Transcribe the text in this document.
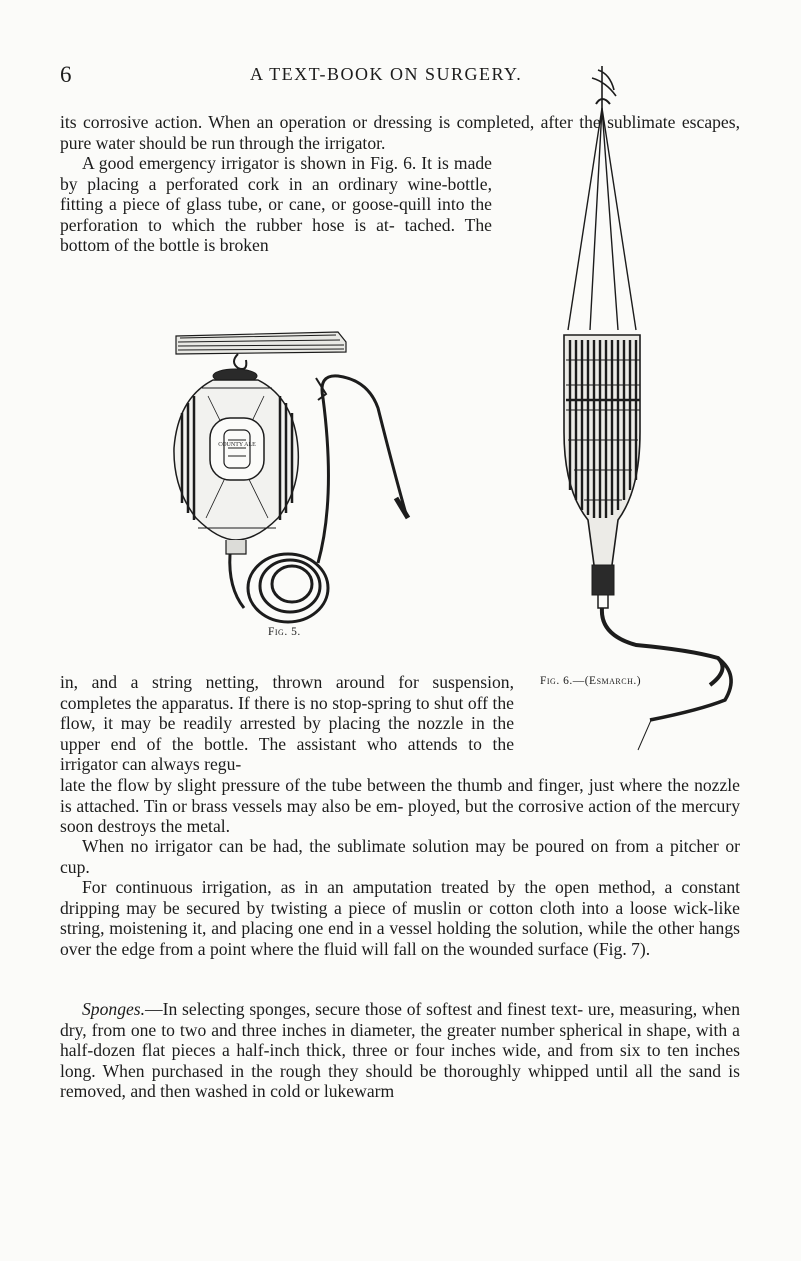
6	A TEXT-BOOK ON SURGERY.

its corrosive action. When an operation or dressing is completed, after the sublimate escapes, pure water should be run through the irrigator.

A good emergency irrigator is shown in Fig. 6. It is made by placing a perforated cork in an ordinary wine-bottle, fitting a piece of glass tube, or cane, or goose-quill into the perforation to which the rubber hose is at- tached. The bottom of the bottle is broken

COUNTY ALE
Fig. 5.
Fig. 6.—(Esmarch.)

in, and a string netting, thrown around for suspension, completes the apparatus. If there is no stop-spring to shut off the flow, it may be readily arrested by placing the nozzle in the upper end of the bottle. The assistant who attends to the irrigator can always regu-

late the flow by slight pressure of the tube between the thumb and finger, just where the nozzle is attached. Tin or brass vessels may also be em- ployed, but the corrosive action of the mercury soon destroys the metal.

When no irrigator can be had, the sublimate solution may be poured on from a pitcher or cup.

For continuous irrigation, as in an amputation treated by the open method, a constant dripping may be secured by twisting a piece of muslin or cotton cloth into a loose wick-like string, moistening it, and placing one end in a vessel holding the solution, while the other hangs over the edge from a point where the fluid will fall on the wounded surface (Fig. 7).

Sponges.—In selecting sponges, secure those of softest and finest text- ure, measuring, when dry, from one to two and three inches in diameter, the greater number spherical in shape, with a half-dozen flat pieces a half-inch thick, three or four inches wide, and from six to ten inches long. When purchased in the rough they should be thoroughly whipped until all the sand is removed, and then washed in cold or lukewarm
